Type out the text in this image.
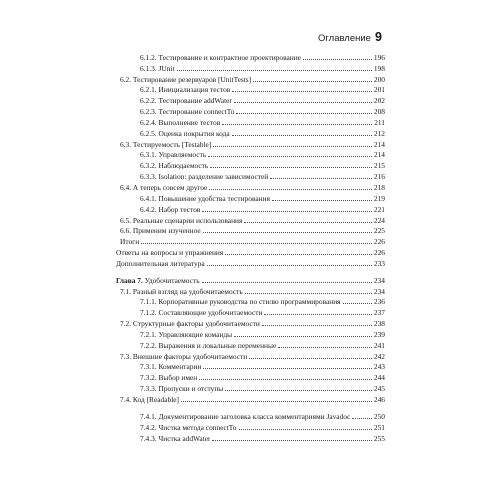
Оглавление 9
6.1.2. Тестирование и контрактное проектирование	196
6.1.3. JUnit	198
6.2. Тестирование резервуаров [UnitTests]	200
6.2.1. Инициализация тестов	201
6.2.2. Тестирование addWater	202
6.2.3. Тестирование connectTo	208
6.2.4. Выполнение тестов	211
6.2.5. Оценка покрытия кода	212
6.3. Тестируемость [Testable]	214
6.3.1. Управляемость	214
6.3.2. Наблюдаемость	215
6.3.3. Isolation: разделение зависимостей	216
6.4. А теперь совсем другое	218
6.4.1. Повышение удобства тестирования	219
6.4.2. Набор тестов	221
6.5. Реальные сценарии использования	224
6.6. Применим изученное	225
Итоги	226
Ответы на вопросы и упражнения	226
Дополнительная литература	233
Глава 7. Удобочитаемость	234
7.1. Разный взгляд на удобочитаемость	234
7.1.1. Корпоративные руководства по стилю программирования	236
7.1.2. Составляющие удобочитаемости	237
7.2. Структурные факторы удобочитаемости	238
7.2.1. Управляющие команды	239
7.2.2. Выражения и локальные переменные	241
7.3. Внешние факторы удобочитаемости	242
7.3.1. Комментарии	243
7.3.2. Выбор имен	244
7.3.3. Пропуски и отступы	245
7.4. Код [Readable]	246
7.4.1. Документирование заголовка класса комментариями Javadoc	250
7.4.2. Чистка метода connectTo	251
7.4.3. Чистка addWater	255
